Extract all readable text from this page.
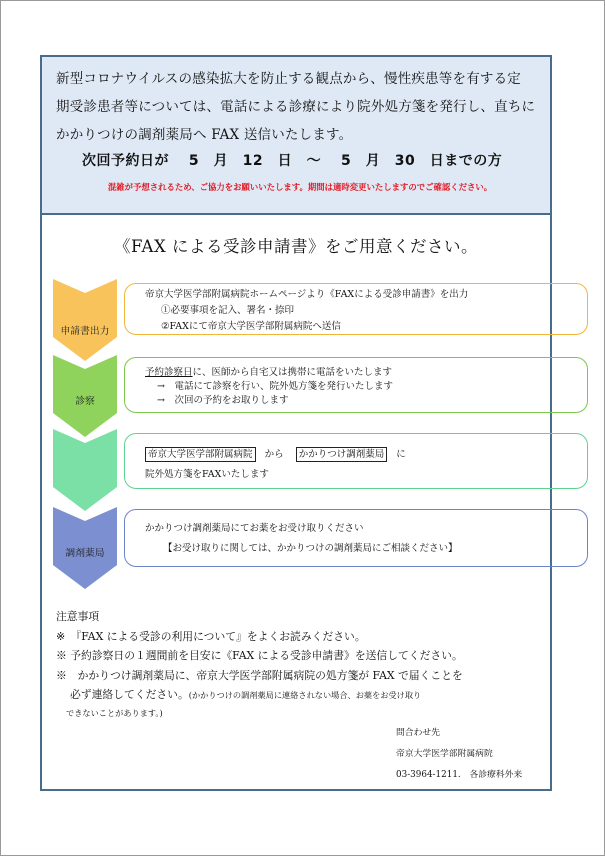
新型コロナウイルスの感染拡大を防止する観点から、慢性疾患等を有する定
期受診患者等については、電話による診療により院外処方箋を発行し、直ちに
かかりつけの調剤薬局へ FAX 送信いたします。
次回予約日が　 5　月　12　日　～　 5　月　30　日までの方
混雑が予想されるため、ご協力をお願いいたします。期間は適時変更いたしますのでご確認ください。
《FAX による受診申請書》をご用意ください。
申請書出力
帝京大学医学部附属病院ホームページより《FAXによる受診申請書》を出力
①必要事項を記入、署名・捺印
②FAXにて帝京大学医学部附属病院へ送信
診察
予約診察日に、医師から自宅又は携帯に電話をいたします
→　電話にて診察を行い、院外処方箋を発行いたします
→　次回の予約をお取りします
帝京大学医学部附属病院 から かかりつけ調剤薬局 に
院外処方箋をFAXいたします
調剤薬局
かかりつけ調剤薬局にてお薬をお受け取りください
【お受け取りに関しては、かかりつけの調剤薬局にご相談ください】
注意事項
※　『FAX による受診の利用について』をよくお読みください。
※ 予約診察日の１週間前を目安に《FAX による受診申請書》を送信してください。
※　かかりつけ調剤薬局に、帝京大学医学部附属病院の処方箋が FAX で届くことを
必ず連絡してください。(かかりつけの調剤薬局に連絡されない場合、お薬をお受け取り
できないことがあります。)
問合わせ先
帝京大学医学部附属病院
03-3964-1211.　各診療科外来
